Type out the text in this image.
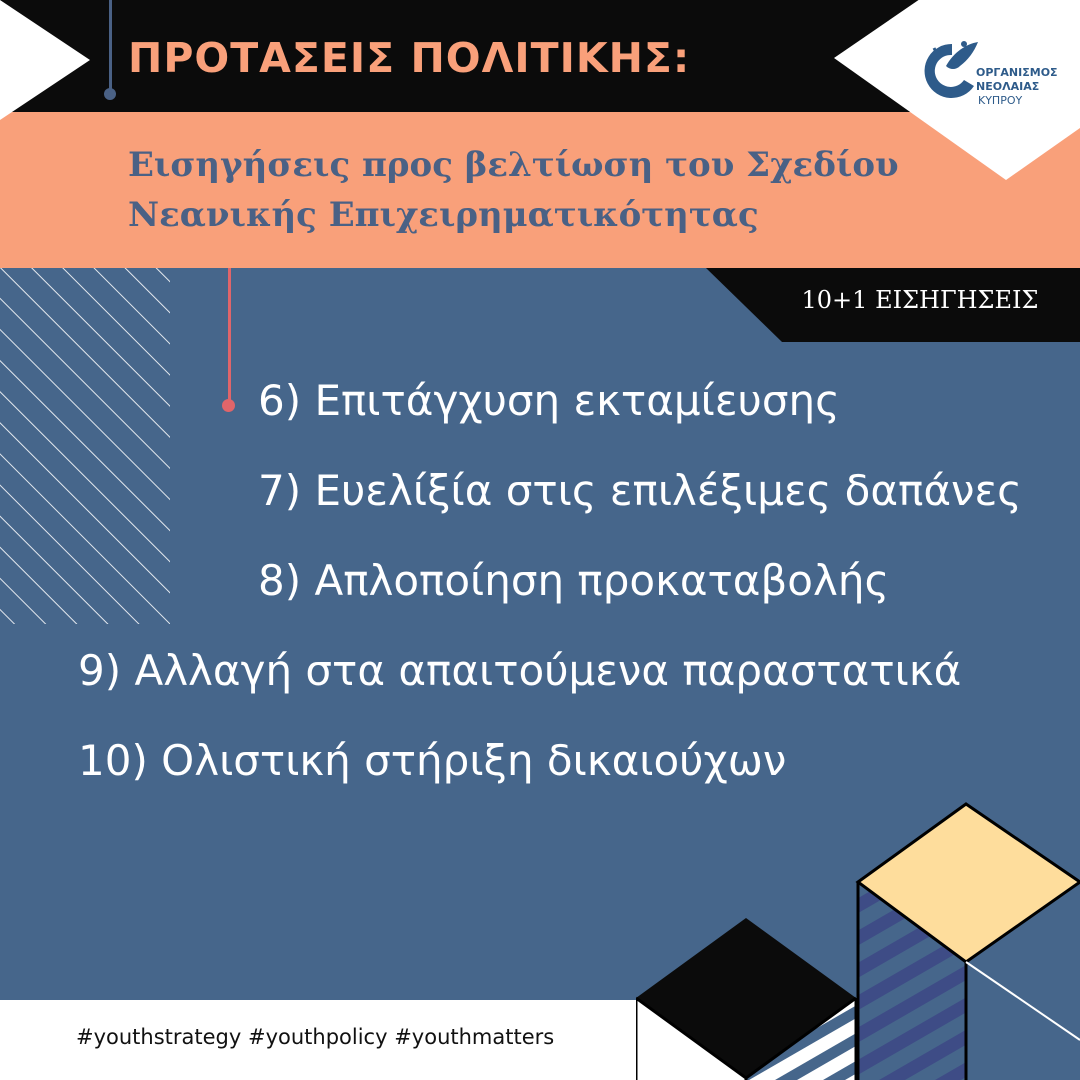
ΟΡΓΑΝΙΣΜΟΣ
ΝΕΟΛΑΙΑΣ
ΚΥΠΡΟΥ
ΠΡΟΤΑΣΕΙΣ ΠΟΛΙΤΙΚΗΣ:
Εισηγήσεις προς βελτίωση του Σχεδίου
Νεανικής Επιχειρηματικότητας
10+1 ΕΙΣΗΓΗΣΕΙΣ
6) Επιτάγχυση εκταμίευσης
7) Ευελίξία στις επιλέξιμες δαπάνες
8) Απλοποίηση προκαταβολής
9) Αλλαγή στα απαιτούμενα παραστατικά
10) Ολιστική στήριξη δικαιούχων
#youthstrategy #youthpolicy #youthmatters
